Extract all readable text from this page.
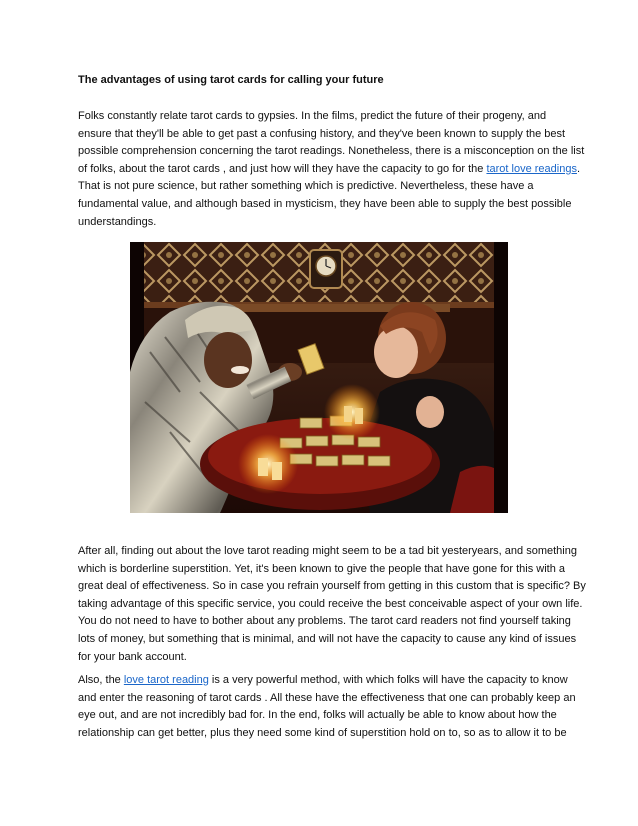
The advantages of using tarot cards for calling your future
Folks constantly relate tarot cards to gypsies. In the films, predict the future of their progeny, and
ensure that they'll be able to get past a confusing history, and they've been known to supply the best
possible comprehension concerning the tarot readings. Nonetheless, there is a misconception on the list
of folks, about the tarot cards , and just how will they have the capacity to go for the tarot love readings.
That is not pure science, but rather something which is predictive. Nevertheless, these have a
fundamental value, and although based in mysticism, they have been able to supply the best possible
understandings.
After all, finding out about the love tarot reading might seem to be a tad bit yesteryears, and something
which is borderline superstition. Yet, it's been known to give the people that have gone for this with a
great deal of effectiveness. So in case you refrain yourself from getting in this custom that is specific? By
taking advantage of this specific service, you could receive the best conceivable aspect of your own life.
You do not need to have to bother about any problems. The tarot card readers not find yourself taking
lots of money, but something that is minimal, and will not have the capacity to cause any kind of issues
for your bank account.
Also, the love tarot reading is a very powerful method, with which folks will have the capacity to know
and enter the reasoning of tarot cards . All these have the effectiveness that one can probably keep an
eye out, and are not incredibly bad for. In the end, folks will actually be able to know about how the
relationship can get better, plus they need some kind of superstition hold on to, so as to allow it to be
